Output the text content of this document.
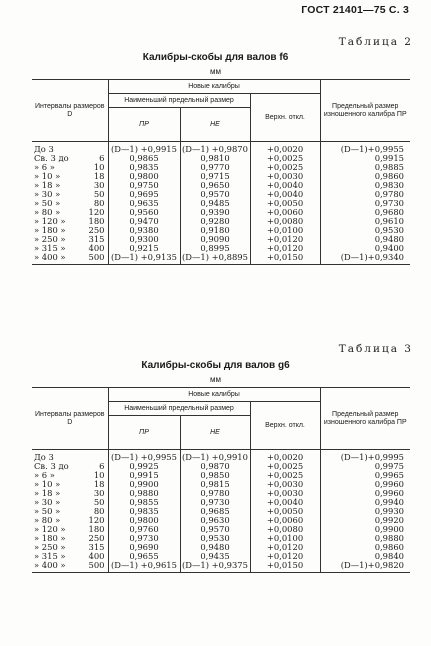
ГОСТ 21401—75 С. 3
Таблица 2
Калибры-скобы для валов f6
мм
Интервалы размеров D	Новые калибры			Предельный размер изношенного калибра ПР
	Наименьший предельный размер		Верхн. откл.	
	ПР	НЕ		

До 3	(D—1) +0,9915	(D—1) +0,9870	+0,0020	(D—1)+0,9955

Св. 3 до 6	0,9865	0,9810	+0,0025	0,9915

» 6 » 10	0,9835	0,9770	+0,0025	0,9885

» 10 » 18	0,9800	0,9715	+0,0030	0,9860

» 18 » 30	0,9750	0,9650	+0,0040	0,9830

» 30 » 50	0,9695	0,9570	+0,0040	0,9780

» 50 » 80	0,9635	0,9485	+0,0050	0,9730

» 80 » 120	0,9560	0,9390	+0,0060	0,9680

» 120 » 180	0,9470	0,9280	+0,0080	0,9610

» 180 » 250	0,9380	0,9180	+0,0100	0,9530

» 250 » 315	0,9300	0,9090	+0,0120	0,9480

» 315 » 400	0,9215	0,8995	+0,0120	0,9400

» 400 » 500	(D—1) +0,9135	(D—1) +0,8895	+0,0150	(D—1)+0,9340
Таблица 3
Калибры-скобы для валов g6
мм
Интервалы размеров D	Новые калибры			Предельный размер изношенного калибра ПР
	Наименьший предельный размер		Верхн. откл.	
	ПР	НЕ		

До 3	(D—1) +0,9955	(D—1) +0,9910	+0,0020	(D—1)+0,9995

Св. 3 до 6	0,9925	0,9870	+0,0025	0,9975

» 6 » 10	0,9915	0,9850	+0,0025	0,9965

» 10 » 18	0,9900	0,9815	+0,0030	0,9960

» 18 » 30	0,9880	0,9780	+0,0030	0,9960

» 30 » 50	0,9855	0,9730	+0,0040	0,9940

» 50 » 80	0,9835	0,9685	+0,0050	0,9930

» 80 » 120	0,9800	0,9630	+0,0060	0,9920

» 120 » 180	0,9760	0,9570	+0,0080	0,9900

» 180 » 250	0,9730	0,9530	+0,0100	0,9880

» 250 » 315	0,9690	0,9480	+0,0120	0,9860

» 315 » 400	0,9655	0,9435	+0,0120	0,9840

» 400 » 500	(D—1) +0,9615	(D—1) +0,9375	+0,0150	(D—1)+0,9820
